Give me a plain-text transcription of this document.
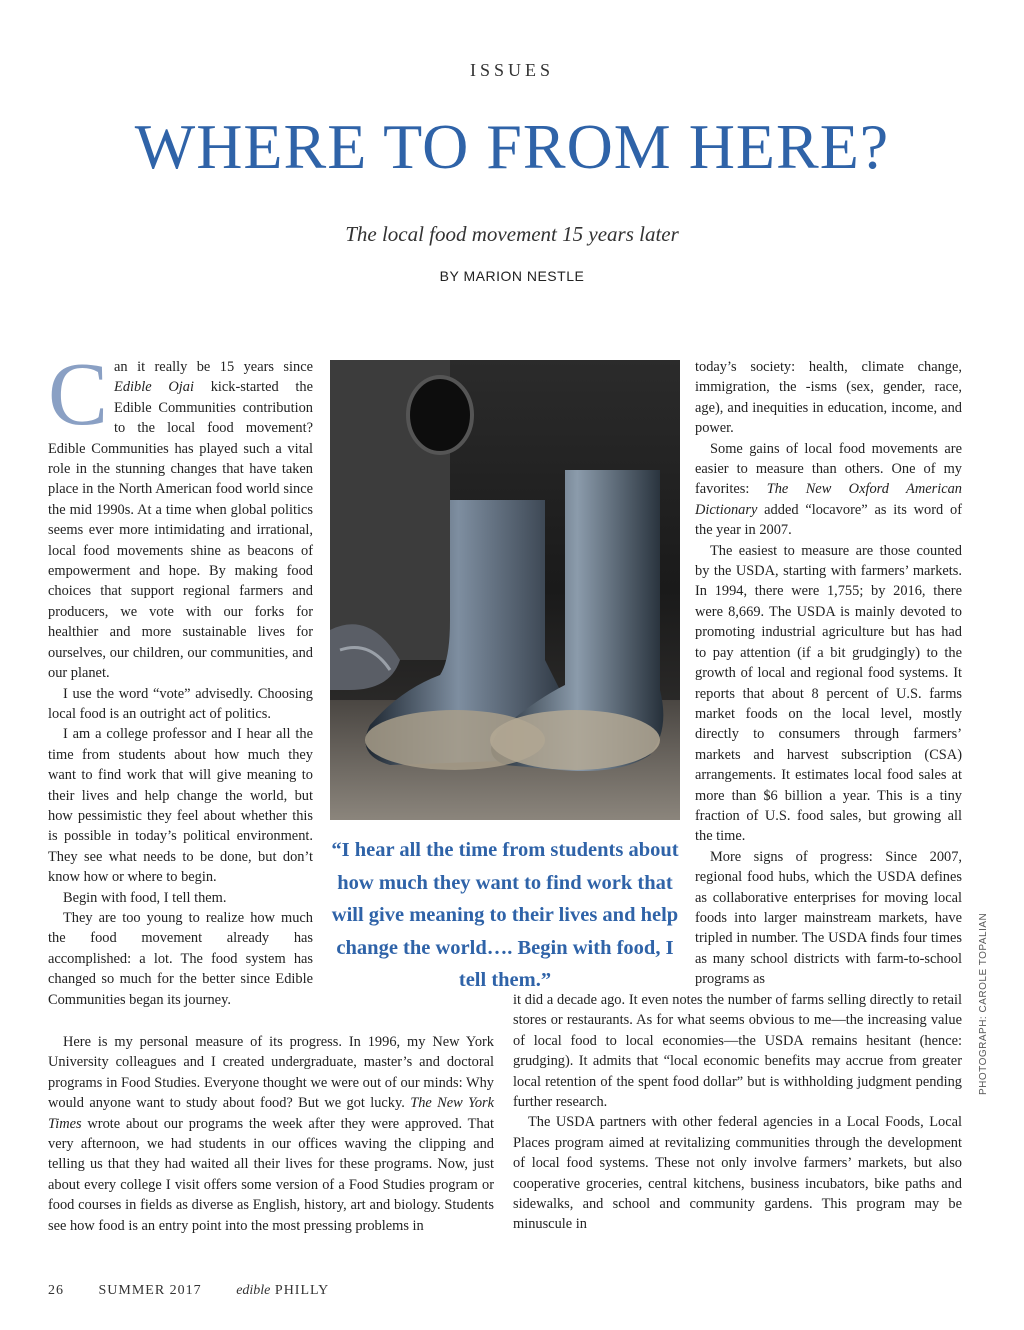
ISSUES
WHERE TO FROM HERE?
The local food movement 15 years later
BY MARION NESTLE

Can it really be 15 years since Edible Ojai kick-started the Edible Communities contribution to the local food movement? Edible Communities has played such a vital role in the stunning changes that have taken place in the North American food world since the mid 1990s. At a time when global politics seems ever more intimidating and irrational, local food movements shine as beacons of empowerment and hope. By making food choices that support regional farmers and producers, we vote with our forks for healthier and more sustainable lives for ourselves, our children, our communities, and our planet.

I use the word “vote” advisedly. Choosing local food is an outright act of politics.

I am a college professor and I hear all the time from students about how much they want to find work that will give meaning to their lives and help change the world, but how pessimistic they feel about whether this is possible in today’s political environment. They see what needs to be done, but don’t know how or where to begin.

Begin with food, I tell them.

They are too young to realize how much the food movement already has accomplished: a lot. The food system has changed so much for the better since Edible Communities began its journey.

Here is my personal measure of its progress. In 1996, my New York University colleagues and I created undergraduate, master’s and doctoral programs in Food Studies. Everyone thought we were out of our minds: Why would anyone want to study about food? But we got lucky. The New York Times wrote about our programs the week after they were approved. That very afternoon, we had students in our offices waving the clipping and telling us that they had waited all their lives for these programs. Now, just about every college I visit offers some version of a Food Studies program or food courses in fields as diverse as English, history, art and biology. Students see how food is an entry point into the most pressing problems in

“I hear all the time from students about how much they want to find work that will give meaning to their lives and help change the world…. Begin with food, I tell them.”

today’s society: health, climate change, immigration, the -isms (sex, gender, race, age), and inequities in education, income, and power.

Some gains of local food movements are easier to measure than others. One of my favorites: The New Oxford American Dictionary added “locavore” as its word of the year in 2007.

The easiest to measure are those counted by the USDA, starting with farmers’ markets. In 1994, there were 1,755; by 2016, there were 8,669. The USDA is mainly devoted to promoting industrial agriculture but has had to pay attention (if a bit grudgingly) to the growth of local and regional food systems. It reports that about 8 percent of U.S. farms market foods on the local level, mostly directly to consumers through farmers’ markets and harvest subscription (CSA) arrangements. It estimates local food sales at more than $6 billion a year. This is a tiny fraction of U.S. food sales, but growing all the time.

More signs of progress: Since 2007, regional food hubs, which the USDA defines as collaborative enterprises for moving local foods into larger mainstream markets, have tripled in number. The USDA finds four times as many school districts with farm-to-school programs as

it did a decade ago. It even notes the number of farms selling directly to retail stores or restaurants. As for what seems obvious to me—the increasing value of local food to local economies—the USDA remains hesitant (hence: grudging). It admits that “local economic benefits may accrue from greater local retention of the spent food dollar” but is withholding judgment pending further research.

The USDA partners with other federal agencies in a Local Foods, Local Places program aimed at revitalizing communities through the development of local food systems. These not only involve farmers’ markets, but also cooperative groceries, central kitchens, business incubators, bike paths and sidewalks, and school and community gardens. This program may be minuscule in

PHOTOGRAPH: CAROLE TOPALIAN
26 SUMMER 2017 edible PHILLY
